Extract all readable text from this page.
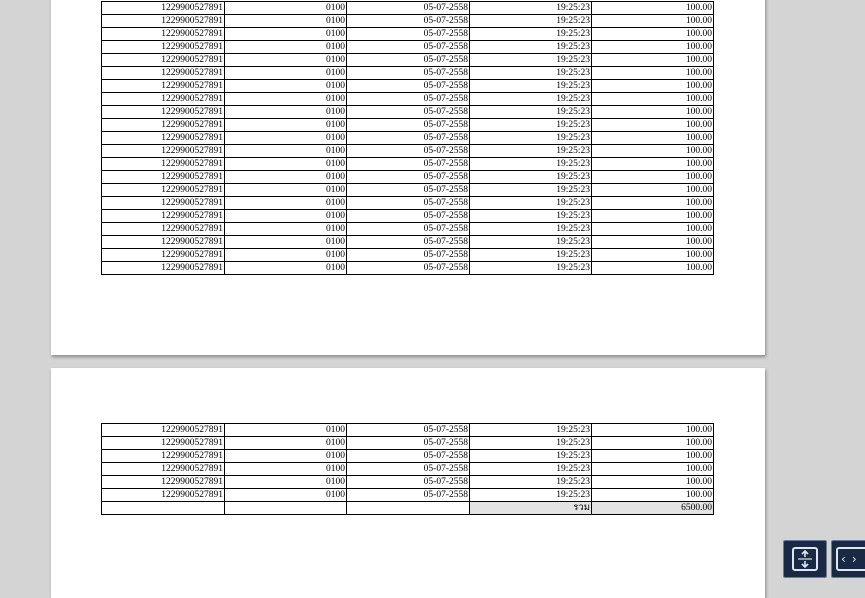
1229900527891	0100	05-07-2558	19:25:23	100.00
1229900527891	0100	05-07-2558	19:25:23	100.00
1229900527891	0100	05-07-2558	19:25:23	100.00
1229900527891	0100	05-07-2558	19:25:23	100.00
1229900527891	0100	05-07-2558	19:25:23	100.00
1229900527891	0100	05-07-2558	19:25:23	100.00
1229900527891	0100	05-07-2558	19:25:23	100.00
1229900527891	0100	05-07-2558	19:25:23	100.00
1229900527891	0100	05-07-2558	19:25:23	100.00
1229900527891	0100	05-07-2558	19:25:23	100.00
1229900527891	0100	05-07-2558	19:25:23	100.00
1229900527891	0100	05-07-2558	19:25:23	100.00
1229900527891	0100	05-07-2558	19:25:23	100.00
1229900527891	0100	05-07-2558	19:25:23	100.00
1229900527891	0100	05-07-2558	19:25:23	100.00
1229900527891	0100	05-07-2558	19:25:23	100.00
1229900527891	0100	05-07-2558	19:25:23	100.00
1229900527891	0100	05-07-2558	19:25:23	100.00
1229900527891	0100	05-07-2558	19:25:23	100.00
1229900527891	0100	05-07-2558	19:25:23	100.00
1229900527891	0100	05-07-2558	19:25:23	100.00
1229900527891	0100	05-07-2558	19:25:23	100.00
1229900527891	0100	05-07-2558	19:25:23	100.00
1229900527891	0100	05-07-2558	19:25:23	100.00
1229900527891	0100	05-07-2558	19:25:23	100.00
1229900527891	0100	05-07-2558	19:25:23	100.00
1229900527891	0100	05-07-2558	19:25:23	100.00
			รวม	6500.00
‹ ›
